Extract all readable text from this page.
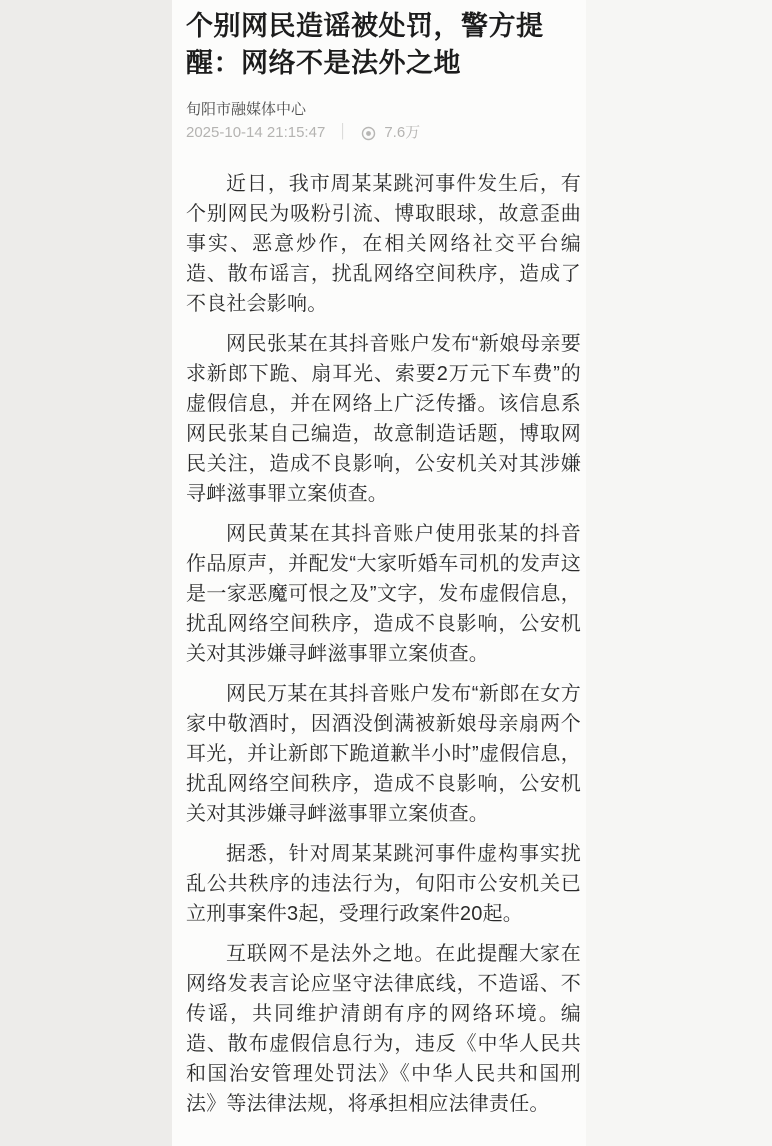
个别网民造谣被处罚，警方提醒：网络不是法外之地
旬阳市融媒体中心
2025-10-14 21:15:47 ｜ 7.6万

近日，我市周某某跳河事件发生后，有个别网民为吸粉引流、博取眼球，故意歪曲事实、恶意炒作，在相关网络社交平台编造、散布谣言，扰乱网络空间秩序，造成了不良社会影响。

网民张某在其抖音账户发布“新娘母亲要求新郎下跪、扇耳光、索要2万元下车费”的虚假信息，并在网络上广泛传播。该信息系网民张某自己编造，故意制造话题，博取网民关注，造成不良影响，公安机关对其涉嫌寻衅滋事罪立案侦查。

网民黄某在其抖音账户使用张某的抖音作品原声，并配发“大家听婚车司机的发声这是一家恶魔可恨之及”文字，发布虚假信息，扰乱网络空间秩序，造成不良影响，公安机关对其涉嫌寻衅滋事罪立案侦查。

网民万某在其抖音账户发布“新郎在女方家中敬酒时，因酒没倒满被新娘母亲扇两个耳光，并让新郎下跪道歉半小时”虚假信息，扰乱网络空间秩序，造成不良影响，公安机关对其涉嫌寻衅滋事罪立案侦查。

据悉，针对周某某跳河事件虚构事实扰乱公共秩序的违法行为，旬阳市公安机关已立刑事案件3起，受理行政案件20起。

互联网不是法外之地。在此提醒大家在网络发表言论应坚守法律底线，不造谣、不传谣，共同维护清朗有序的网络环境。编造、散布虚假信息行为，违反《中华人民共和国治安管理处罚法》《中华人民共和国刑法》等法律法规，将承担相应法律责任。
